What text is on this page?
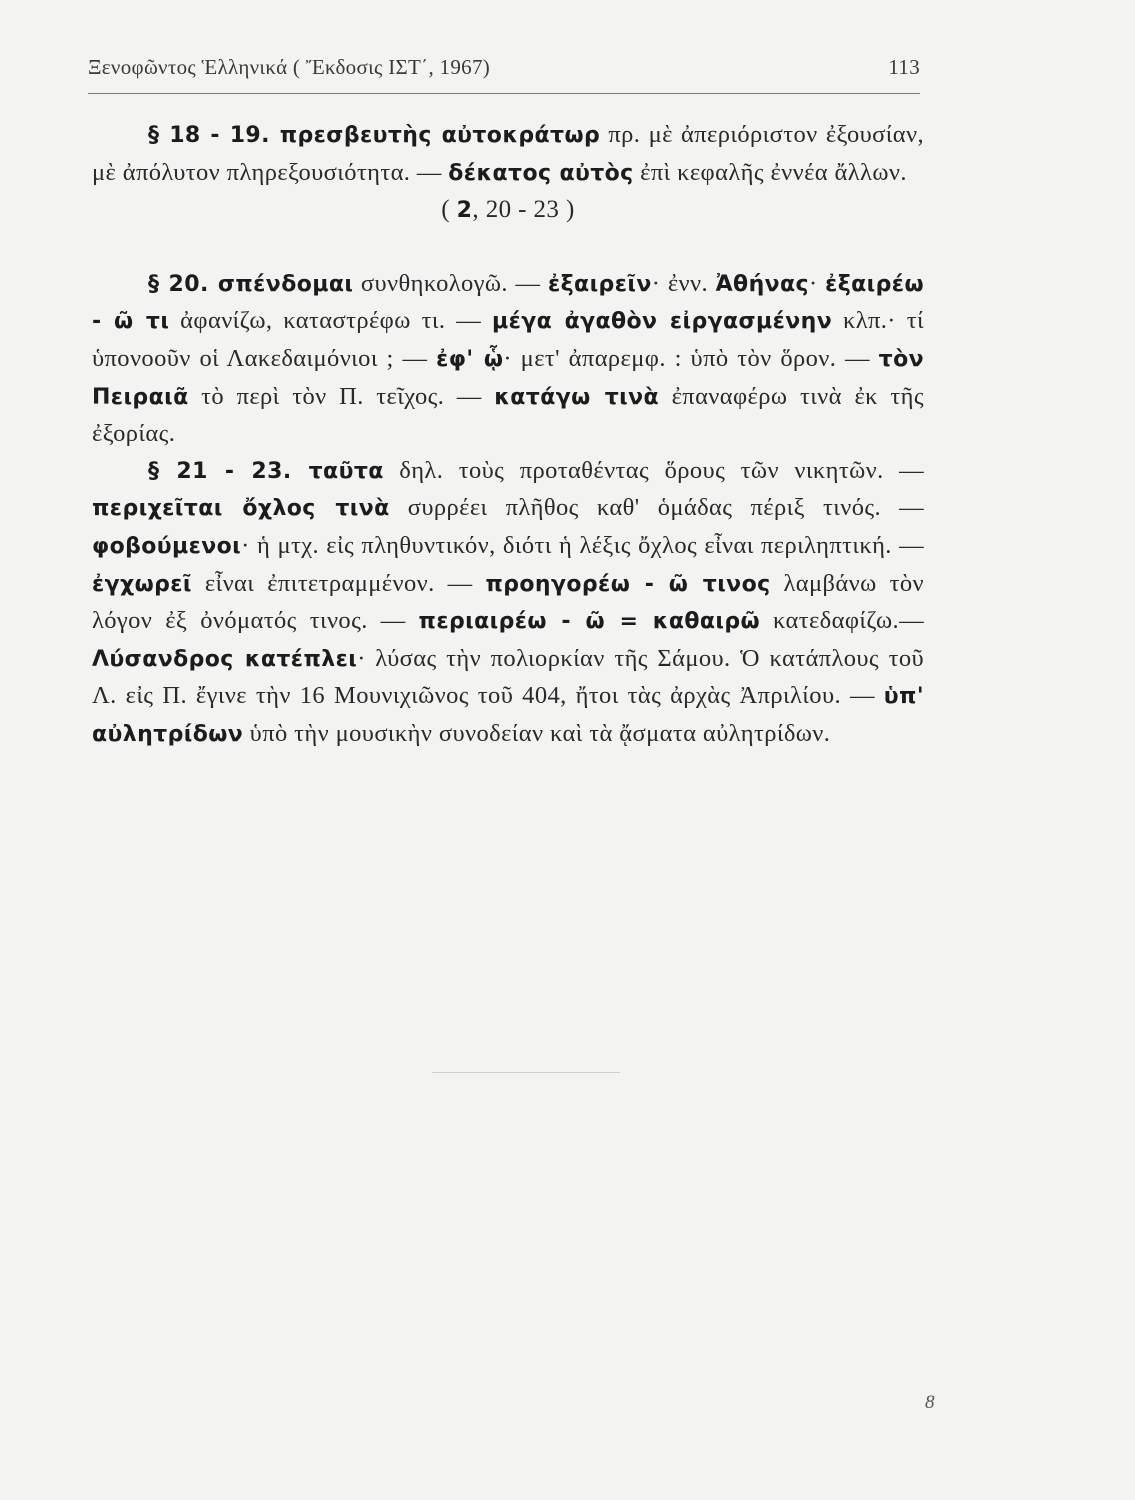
Ξενοφῶντος Ἑλληνικά ( Ἔκδοσις ΙΣΤ΄, 1967)	113

§ 18 - 19. πρεσβευτὴς αὐτοκράτωρ πρ. μὲ ἀπεριόριστον ἐξουσίαν, μὲ ἀπόλυτον πληρεξουσιότητα. — δέκατος αὐτὸς ἐπὶ κεφαλῆς ἐννέα ἄλλων.

( 2, 20 - 23 )

§ 20. σπένδομαι συνθηκολογῶ. — ἐξαιρεῖν· ἐνν. Ἀθήνας· ἐξαιρέω - ῶ τι ἀφανίζω, καταστρέφω τι. — μέγα ἀγαθὸν εἰργασμένην κλπ.· τί ὑπονοοῦν οἱ Λακεδαιμόνιοι ; — ἐφ' ᾧ· μετ' ἀπαρεμφ. : ὑπὸ τὸν ὅρον. — τὸν Πειραιᾶ τὸ περὶ τὸν Π. τεῖχος. — κατάγω τινὰ ἐπαναφέρω τινὰ ἐκ τῆς ἐξορίας.

§ 21 - 23. ταῦτα δηλ. τοὺς προταθέντας ὅρους τῶν νικητῶν. — περιχεῖται ὄχλος τινὰ συρρέει πλῆθος καθ' ὁμάδας πέριξ τινός. — φοβούμενοι· ἡ μτχ. εἰς πληθυντικόν, διότι ἡ λέξις ὄχλος εἶναι περιληπτική. — ἐγχωρεῖ εἶναι ἐπιτετραμμένον. — προηγορέω - ῶ τινος λαμβάνω τὸν λόγον ἐξ ὀνόματός τινος. — περιαιρέω - ῶ = καθαιρῶ κατεδαφίζω.— Λύσανδρος κατέπλει· λύσας τὴν πολιορκίαν τῆς Σάμου. Ὁ κατάπλους τοῦ Λ. εἰς Π. ἔγινε τὴν 16 Μουνιχιῶνος τοῦ 404, ἤτοι τὰς ἀρχὰς Ἀπριλίου. — ὑπ' αὐλητρίδων ὑπὸ τὴν μουσικὴν συνοδείαν καὶ τὰ ᾄσματα αὐλητρίδων.

8
